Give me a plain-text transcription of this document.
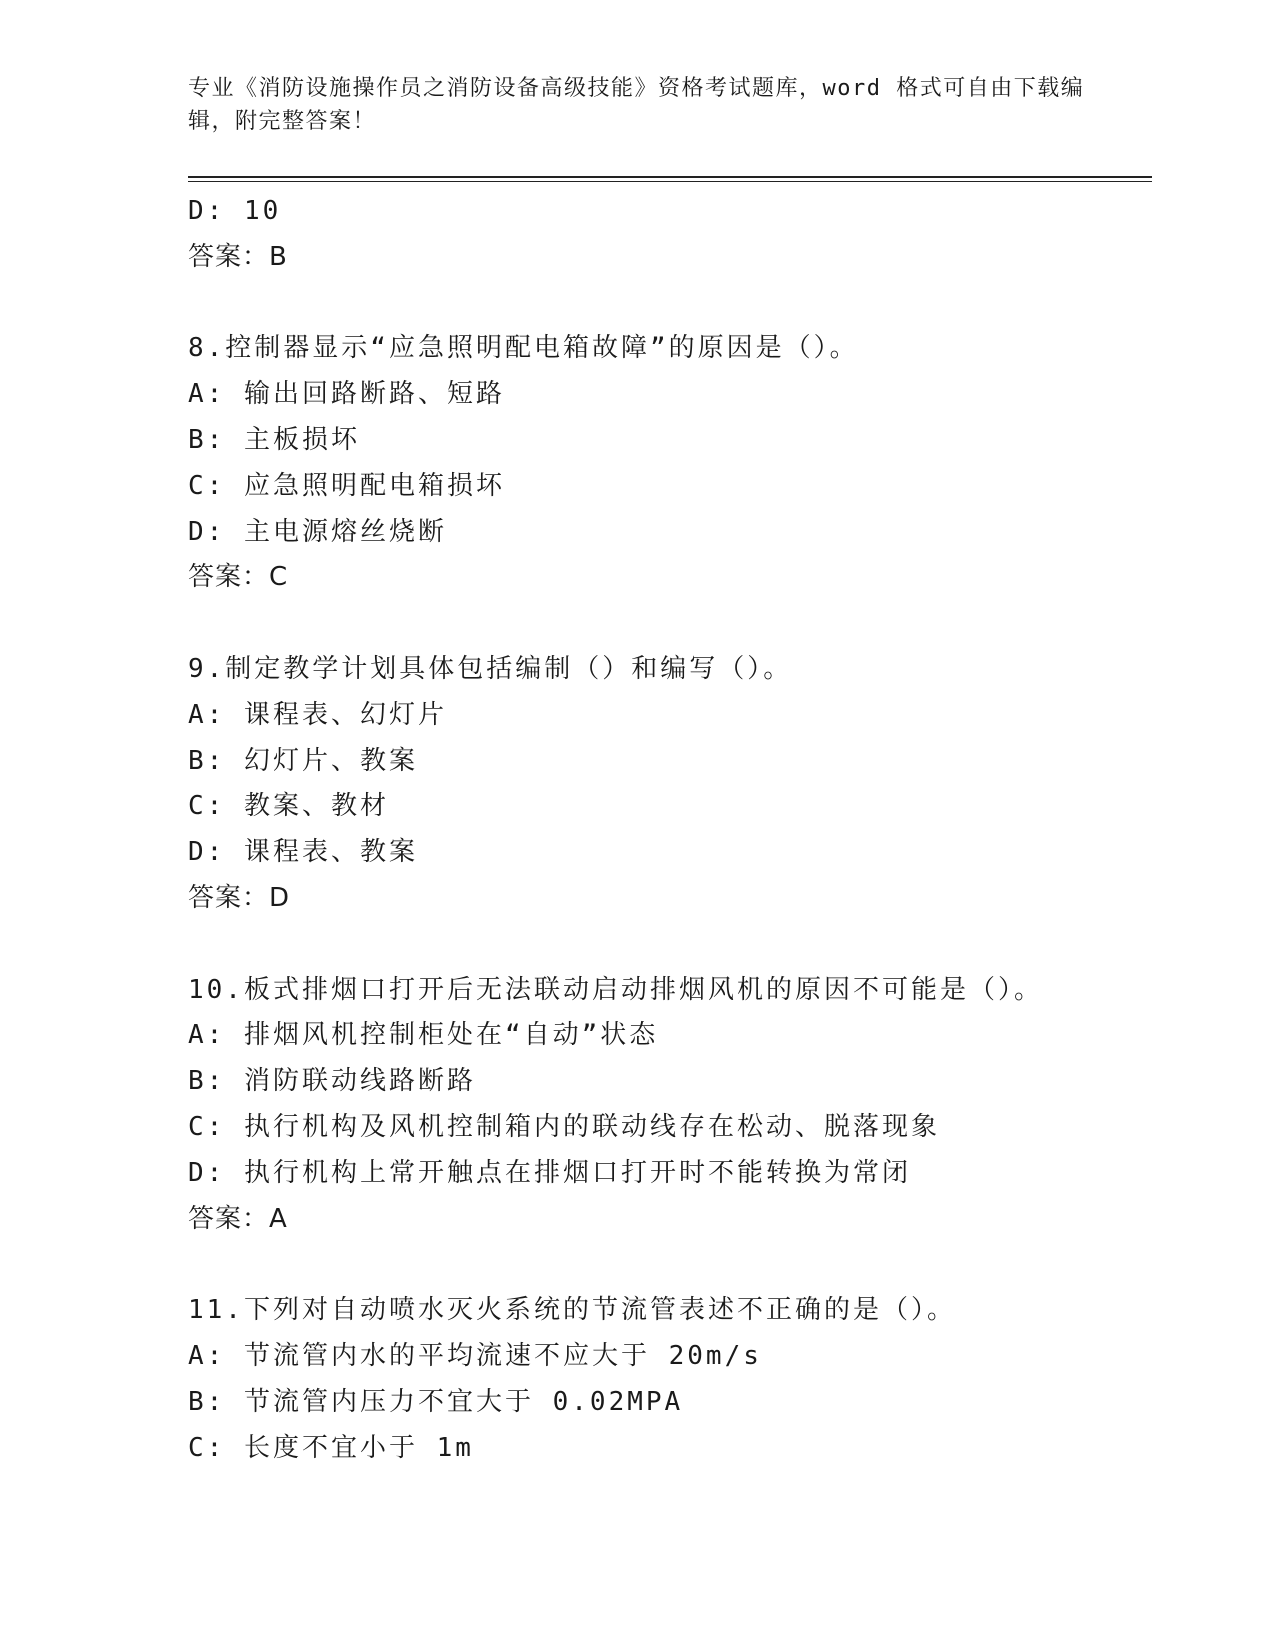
专业《消防设施操作员之消防设备高级技能》资格考试题库，word 格式可自由下载编辑，附完整答案！
D: 10
答案：B
8.控制器显示“应急照明配电箱故障”的原因是（）。
A: 输出回路断路、短路
B: 主板损坏
C: 应急照明配电箱损坏
D: 主电源熔丝烧断
答案：C
9.制定教学计划具体包括编制（）和编写（）。
A: 课程表、幻灯片
B: 幻灯片、教案
C: 教案、教材
D: 课程表、教案
答案：D
10.板式排烟口打开后无法联动启动排烟风机的原因不可能是（）。
A: 排烟风机控制柜处在“自动”状态
B: 消防联动线路断路
C: 执行机构及风机控制箱内的联动线存在松动、脱落现象
D: 执行机构上常开触点在排烟口打开时不能转换为常闭
答案：A
11.下列对自动喷水灭火系统的节流管表述不正确的是（）。
A: 节流管内水的平均流速不应大于 20m/s
B: 节流管内压力不宜大于 0.02MPA
C: 长度不宜小于 1m
